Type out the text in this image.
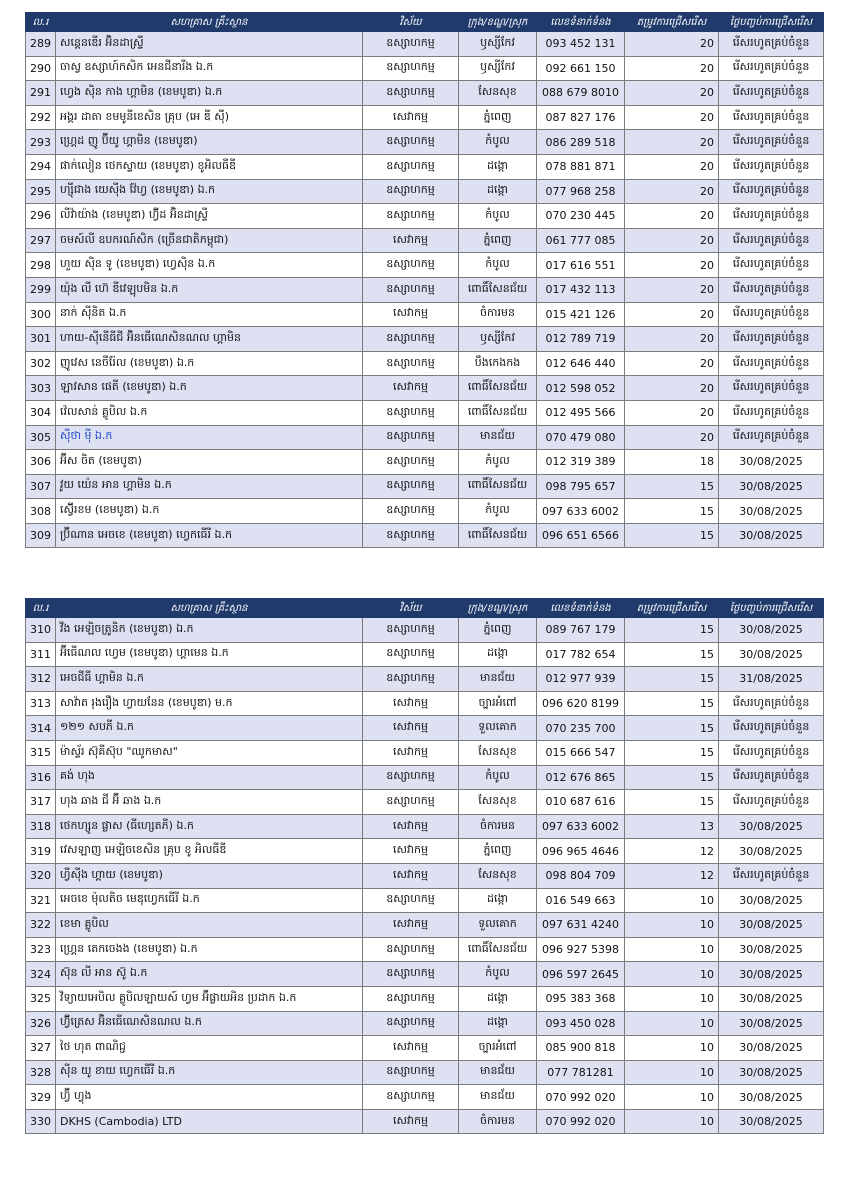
ល.រ	សហគ្រាស គ្រឹះស្ថាន	វិស័យ	ក្រុង/ខណ្ឌ/ស្រុក	លេខទំនាក់ទំនង	តម្រូវការជ្រើសរើស	ថ្ងៃបញ្ចប់ការជ្រើសរើស
289	សន្តេនឌើរ អ៊ិនដាស្ទ្រី	ឧស្សាហកម្ម	ឫស្សីកែវ	093 452 131	20	រើសរហូតគ្រប់ចំនួន
290	ចាស្វ ឧស្សាហ៍កសិក អេនជីនារីង ឯ.ក	ឧស្សាហកម្ម	ឫស្សីកែវ	092 661 150	20	រើសរហូតគ្រប់ចំនួន
291	ហ្វេង ស៊ិន កាង ហ្គាមិន (ខេមបូឌា) ឯ.ក	ឧស្សាហកម្ម	សែនសុខ	088 679 8010	20	រើសរហូតគ្រប់ចំនួន
292	អង្គរ ដាតា ខមមូនីខេសិន គ្រុប (អេ ឌី ស៊ី)	សេវាកម្ម	ភ្នំពេញ	087 827 176	20	រើសរហូតគ្រប់ចំនួន
293	ហ្គ្រេដ ញូ ប៊ីយូ ហ្គាមិន (ខេមបូឌា)	ឧស្សាហកម្ម	កំបូល	086 289 518	20	រើសរហូតគ្រប់ចំនួន
294	ផាក់លៀន ថេកស្ទាយ (ខេមបូឌា) ខូអិលធីឌី	ឧស្សាហកម្ម	ដង្កោ	078 881 871	20	រើសរហូតគ្រប់ចំនួន
295	ហ្ស៊ីជាង យេស៊ីង វ៉ែហ្វ (ខេមបូឌា) ឯ.ក	ឧស្សាហកម្ម	ដង្កោ	077 968 258	20	រើសរហូតគ្រប់ចំនួន
296	លីវ៉ាយ៉ាង (ខេមបូឌា) ហ៊្វីដ អ៊ិនដាស្ទ្រី	ឧស្សាហកម្ម	កំបូល	070 230 445	20	រើសរហូតគ្រប់ចំនួន
297	ចមស៍លី ឧបករណ៍សិក (ច្រើនជាតិកម្ពុជា)	សេវាកម្ម	ភ្នំពេញ	061 777 085	20	រើសរហូតគ្រប់ចំនួន
298	ហួយ ស៊ិន ទូ (ខេមបូឌា) ហ្វេស៊ិន ឯ.ក	ឧស្សាហកម្ម	កំបូល	017 616 551	20	រើសរហូតគ្រប់ចំនួន
299	យ៉ុង លី ហ៊េ ឌីវេឡុបមិន ឯ.ក	ឧស្សាហកម្ម	ពោធិ៍សែនជ័យ	017 432 113	20	រើសរហូតគ្រប់ចំនួន
300	នាក់ ស៊ីនិត ឯ.ក	សេវាកម្ម	ចំការមន	015 421 126	20	រើសរហូតគ្រប់ចំនួន
301	ហាយ-ស៊ីនើធីជី អ៊ិនធើណេសិនណល ហ្គាមិន	ឧស្សាហកម្ម	ឫស្សីកែវ	012 789 719	20	រើសរហូតគ្រប់ចំនួន
302	ញូវេស នេចឺរ៉ែល (ខេមបូឌា) ឯ.ក	ឧស្សាហកម្ម	បឹងកេងកង	012 646 440	20	រើសរហូតគ្រប់ចំនួន
303	ឡាវសាន ផេតី (ខេមបូឌា) ឯ.ក	សេវាកម្ម	ពោធិ៍សែនជ័យ	012 598 052	20	រើសរហូតគ្រប់ចំនួន
304	វ៉េលសាន់ គ្លូបិល ឯ.ក	ឧស្សាហកម្ម	ពោធិ៍សែនជ័យ	012 495 566	20	រើសរហូតគ្រប់ចំនួន
305	ស៊ីថា ម៉ី ឯ.ក	ឧស្សាហកម្ម	មានជ័យ	070 479 080	20	រើសរហូតគ្រប់ចំនួន
306	អ៊ីស ចិត (ខេមបូឌា)	ឧស្សាហកម្ម	កំបូល	012 319 389	18	30/08/2025
307	វូយ យ៉េន អាន ហ្គាមិន ឯ.ក	ឧស្សាហកម្ម	ពោធិ៍សែនជ័យ	098 795 657	15	30/08/2025
308	ស៊្វើរខម (ខេមបូឌា) ឯ.ក	ឧស្សាហកម្ម	កំបូល	097 633 6002	15	30/08/2025
309	ប្រ៊ីណាន អេចខេ (ខេមបូឌា) ហ្វេកធើរី ឯ.ក	ឧស្សាហកម្ម	ពោធិ៍សែនជ័យ	096 651 6566	15	30/08/2025
ល.រ	សហគ្រាស គ្រឹះស្ថាន	វិស័យ	ក្រុង/ខណ្ឌ/ស្រុក	លេខទំនាក់ទំនង	តម្រូវការជ្រើសរើស	ថ្ងៃបញ្ចប់ការជ្រើសរើស
310	វីង អេឡិចត្រូនិក (ខេមបូឌា) ឯ.ក	ឧស្សាហកម្ម	ភ្នំពេញ	089 767 179	15	30/08/2025
311	អ៊ីធើណល ហ្វេម (ខេមបូឌា) ហ្គាមេន ឯ.ក	ឧស្សាហកម្ម	ដង្កោ	017 782 654	15	30/08/2025
312	អេចជីធី ហ្គាមិន ឯ.ក	ឧស្សាហកម្ម	មានជ័យ	012 977 939	15	31/08/2025
313	សាវ៉ាត រុងរឿង ហ្វាយនែន (ខេមបូឌា) ម.ក	សេវាកម្ម	ច្បារអំពៅ	096 620 8199	15	រើសរហូតគ្រប់ចំនួន
314	១២១ សបភី ឯ.ក	សេវាកម្ម	ទួលគោក	070 235 700	15	រើសរហូតគ្រប់ចំនួន
315	ម៉ាស្ទ័រ ស៊ុគីស៊ុប "ឈូកមាស"	សេវាកម្ម	សែនសុខ	015 666 547	15	រើសរហូតគ្រប់ចំនួន
316	គង់ ហុង	ឧស្សាហកម្ម	កំបូល	012 676 865	15	រើសរហូតគ្រប់ចំនួន
317	ហុង ឆាង ជី អ៊ី ឆាង ឯ.ក	ឧស្សាហកម្ម	សែនសុខ	010 687 616	15	រើសរហូតគ្រប់ចំនួន
318	ថេកហ្សូន ផ្លាស (ធីហ្សេតភី) ឯ.ក	សេវាកម្ម	ចំការមន	097 633 6002	13	30/08/2025
319	វេសឡាញ អេឡិចខេសិន គ្រុប ខូ អិលធីឌី	សេវាកម្ម	ភ្នំពេញ	096 965 4646	12	30/08/2025
320	ហ្វីស៊ីង ហ្គាយ (ខេមបូឌា)	សេវាកម្ម	សែនសុខ	098 804 709	12	រើសរហូតគ្រប់ចំនួន
321	អេចខេ ម៉ុលតិច មេឌុហ្វេកធើរី ឯ.ក	ឧស្សាហកម្ម	ដង្កោ	016 549 663	10	30/08/2025
322	ខេមា គ្លូបិល	សេវាកម្ម	ទួលគោក	097 631 4240	10	30/08/2025
323	ហ្គ្រេន តេកចេងង (ខេមបូឌា) ឯ.ក	ឧស្សាហកម្ម	ពោធិ៍សែនជ័យ	096 927 5398	10	30/08/2025
324	ស៊ុន លី អាន ស៊ូ ឯ.ក	ឧស្សាហកម្ម	កំបូល	096 597 2645	10	30/08/2025
325	វិទ្យាយអេបិល គ្លូបិលឡាយស៍ ហ្វម អ៊ីផ្លាយអិន ប្រដាក ឯ.ក	ឧស្សាហកម្ម	ដង្កោ	095 383 368	10	30/08/2025
326	ហ៊្វីត្រេស អ៊ិនធើណេសិនណល ឯ.ក	ឧស្សាហកម្ម	ដង្កោ	093 450 028	10	30/08/2025
327	ថៃ ហុត ពាណិជ្ជ	សេវាកម្ម	ច្បារអំពៅ	085 900 818	10	30/08/2025
328	ស៊ីន យូ ខាយ ហ្វេកធើរី ឯ.ក	ឧស្សាហកម្ម	មានជ័យ	077 781281	10	30/08/2025
329	ហ្វ៊ី ហ្វុង	ឧស្សាហកម្ម	មានជ័យ	070 992 020	10	30/08/2025
330	DKHS (Cambodia) LTD	សេវាកម្ម	ចំការមន	070 992 020	10	30/08/2025
